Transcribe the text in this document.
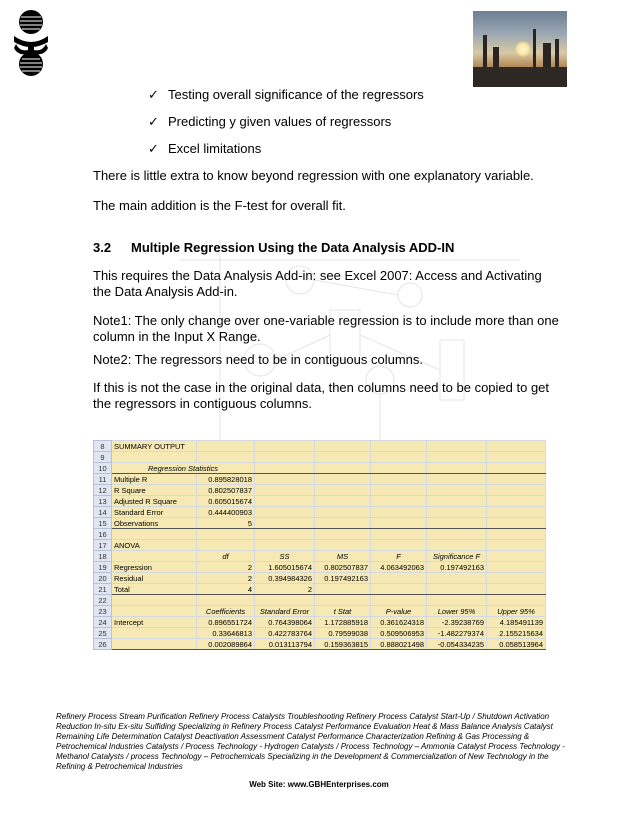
✓ Testing overall significance of the regressors
✓ Predicting y given values of regressors
✓ Excel limitations
There is little extra to know beyond regression with one explanatory variable.
The main addition is the F-test for overall fit.
3.2 Multiple Regression Using the Data Analysis ADD-IN
This requires the Data Analysis Add-in: see Excel 2007: Access and Activating the Data Analysis Add-in.
Note1: The only change over one-variable regression is to include more than one column in the Input X Range.
Note2: The regressors need to be in contiguous columns.
If this is not the case in the original data, then columns need to be copied to get the regressors in contiguous columns.
8	SUMMARY OUTPUT							
9								
10	Regression Statistics							
11	Multiple R	0.895828018						
12	R Square	0.802507837						
13	Adjusted R Square	0.605015674						
14	Standard Error	0.444400903						
15	Observations	5						
16								
17	ANOVA							
18		df	SS	MS	F	Significance F		
19	Regression	2	1.605015674	0.802507837	4.063492063	0.197492163		
20	Residual	2	0.394984326	0.197492163				
21	Total	4	2					
22								
23		Coefficients	Standard Error	t Stat	P-value	Lower 95%	Upper 95%	
24	Intercept	0.896551724	0.764398064	1.172885918	0.361624318	-2.39238769	4.185491139	
25		0.33646813	0.422783764	0.79599038	0.509506953	-1.482279374	2.155215634	
26		0.002089864	0.013113794	0.159363815	0.888021498	-0.054334235	0.058513964	
Refinery Process Stream Purification Refinery Process Catalysts Troubleshooting Refinery Process Catalyst Start-Up / Shutdown Activation Reduction In-situ Ex-situ Sulfiding Specializing in Refinery Process Catalyst Performance Evaluation Heat & Mass Balance Analysis Catalyst Remaining Life Determination Catalyst Deactivation Assessment Catalyst Performance Characterization Refining & Gas Processing & Petrochemical Industries Catalysts / Process Technology - Hydrogen Catalysts / Process Technology – Ammonia Catalyst Process Technology - Methanol Catalysts / process Technology – Petrochemicals Specializing in the Development & Commercialization of New Technology in the Refining & Petrochemical Industries
Web Site: www.GBHEnterprises.com
